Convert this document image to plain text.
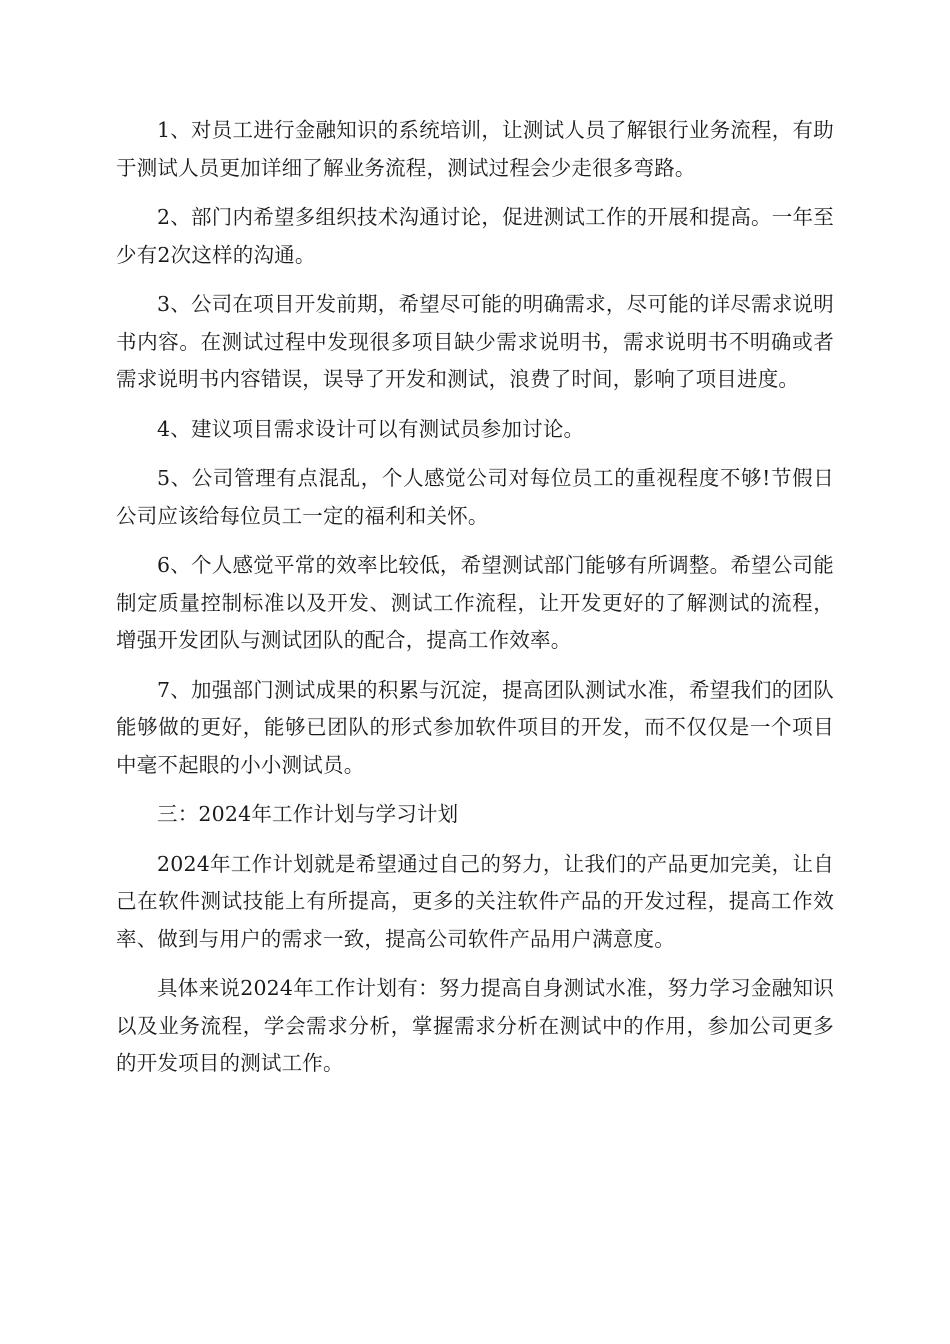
1、对员工进行金融知识的系统培训，让测试人员了解银行业务流程，有助于测试人员更加详细了解业务流程，测试过程会少走很多弯路。

2、部门内希望多组织技术沟通讨论，促进测试工作的开展和提高。一年至少有2次这样的沟通。

3、公司在项目开发前期，希望尽可能的明确需求，尽可能的详尽需求说明书内容。在测试过程中发现很多项目缺少需求说明书，需求说明书不明确或者需求说明书内容错误，误导了开发和测试，浪费了时间，影响了项目进度。

4、建议项目需求设计可以有测试员参加讨论。

5、公司管理有点混乱，个人感觉公司对每位员工的重视程度不够!节假日公司应该给每位员工一定的福利和关怀。

6、个人感觉平常的效率比较低，希望测试部门能够有所调整。希望公司能制定质量控制标准以及开发、测试工作流程，让开发更好的了解测试的流程，增强开发团队与测试团队的配合，提高工作效率。

7、加强部门测试成果的积累与沉淀，提高团队测试水准，希望我们的团队能够做的更好，能够已团队的形式参加软件项目的开发，而不仅仅是一个项目中毫不起眼的小小测试员。

三：2024年工作计划与学习计划

2024年工作计划就是希望通过自己的努力，让我们的产品更加完美，让自己在软件测试技能上有所提高，更多的关注软件产品的开发过程，提高工作效率、做到与用户的需求一致，提高公司软件产品用户满意度。

具体来说2024年工作计划有：努力提高自身测试水准，努力学习金融知识以及业务流程，学会需求分析，掌握需求分析在测试中的作用，参加公司更多的开发项目的测试工作。
